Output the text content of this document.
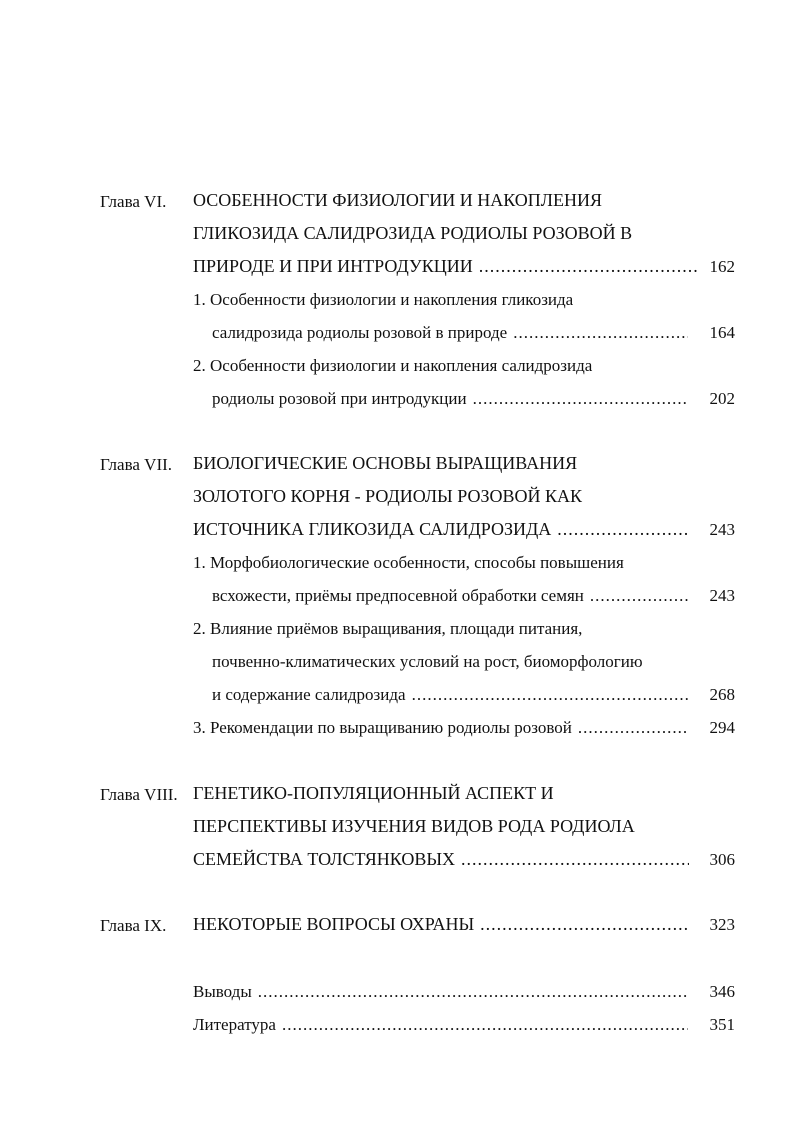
Глава VI. ОСОБЕННОСТИ ФИЗИОЛОГИИ И НАКОПЛЕНИЯ
ГЛИКОЗИДА САЛИДРОЗИДА РОДИОЛЫ РОЗОВОЙ В
ПРИРОДЕ И ПРИ ИНТРОДУКЦИИ .....	162
1. Особенности физиологии и накопления гликозида
салидрозида родиолы розовой в природе .....	164
2. Особенности физиологии и накопления салидрозида
родиолы розовой при интродукции .....	202
Глава VII. БИОЛОГИЧЕСКИЕ ОСНОВЫ ВЫРАЩИВАНИЯ
ЗОЛОТОГО КОРНЯ - РОДИОЛЫ РОЗОВОЙ КАК
ИСТОЧНИКА ГЛИКОЗИДА САЛИДРОЗИДА .....	243
1. Морфобиологические особенности, способы повышения
всхожести, приёмы предпосевной обработки семян .....	243
2. Влияние приёмов выращивания, площади питания,
почвенно-климатических условий на рост, биоморфологию
и содержание салидрозида .....	268
3. Рекомендации по выращиванию родиолы розовой .....	294
Глава VIII. ГЕНЕТИКО-ПОПУЛЯЦИОННЫЙ АСПЕКТ И
ПЕРСПЕКТИВЫ ИЗУЧЕНИЯ ВИДОВ РОДА РОДИОЛА
СЕМЕЙСТВА ТОЛСТЯНКОВЫХ .....	306
Глава IX. НЕКОТОРЫЕ ВОПРОСЫ ОХРАНЫ .....	323
Выводы .....	346
Литература .....	351
